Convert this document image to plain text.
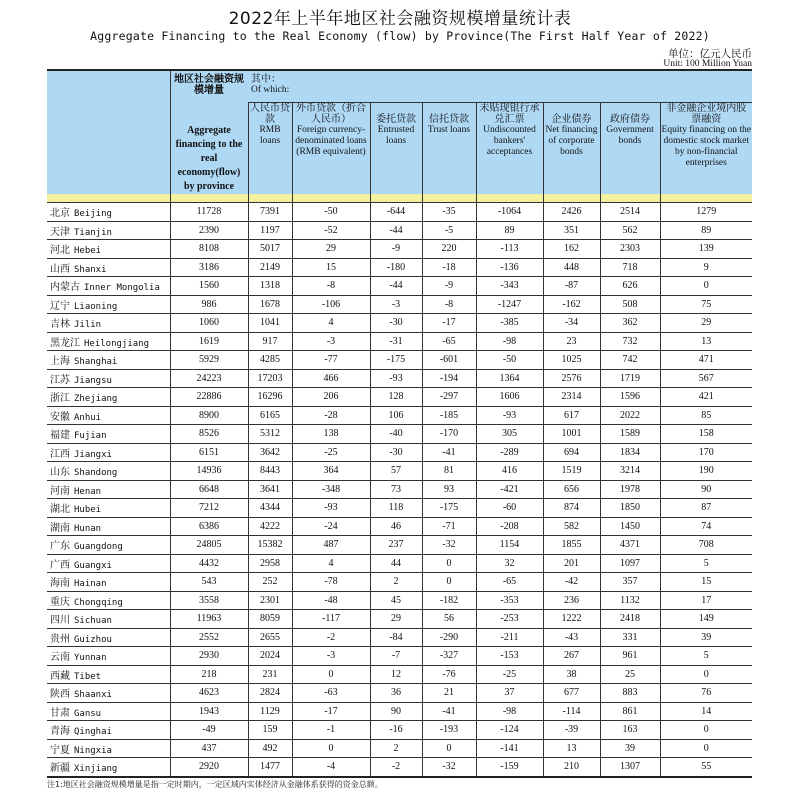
2022年上半年地区社会融资规模增量统计表
Aggregate Financing to the Real Economy (flow) by Province(The First Half Year of 2022)
单位：亿元人民币
Unit: 100 Million Yuan

	地区社会融资规模增量
Aggregate financing to the real economy(flow) by province	其中：
Of which:							

		人民币贷款
RMB loans	外币贷款（折合人民币）
Foreign currency-denominated loans (RMB equivalent)	委托贷款
Entrusted loans	信托贷款
Trust loans	未贴现银行承兑汇票
Undiscounted bankers' acceptances	企业债券
Net financing of corporate bonds	政府债券
Government bonds	非金融企业境内股票融资
Equity financing on the domestic stock market by non-financial enterprises

北京 Beijing	11728	7391	-50	-644	-35	-1064	2426	2514	1279
天津 Tianjin	2390	1197	-52	-44	-5	89	351	562	89
河北 Hebei	8108	5017	29	-9	220	-113	162	2303	139
山西 Shanxi	3186	2149	15	-180	-18	-136	448	718	9
内蒙古 Inner Mongolia	1560	1318	-8	-44	-9	-343	-87	626	0
辽宁 Liaoning	986	1678	-106	-3	-8	-1247	-162	508	75
吉林 Jilin	1060	1041	4	-30	-17	-385	-34	362	29
黑龙江 Heilongjiang	1619	917	-3	-31	-65	-98	23	732	13
上海 Shanghai	5929	4285	-77	-175	-601	-50	1025	742	471
江苏 Jiangsu	24223	17203	466	-93	-194	1364	2576	1719	567
浙江 Zhejiang	22886	16296	206	128	-297	1606	2314	1596	421
安徽 Anhui	8900	6165	-28	106	-185	-93	617	2022	85
福建 Fujian	8526	5312	138	-40	-170	305	1001	1589	158
江西 Jiangxi	6151	3642	-25	-30	-41	-289	694	1834	170
山东 Shandong	14936	8443	364	57	81	416	1519	3214	190
河南 Henan	6648	3641	-348	73	93	-421	656	1978	90
湖北 Hubei	7212	4344	-93	118	-175	-60	874	1850	87
湖南 Hunan	6386	4222	-24	46	-71	-208	582	1450	74
广东 Guangdong	24805	15382	487	237	-32	1154	1855	4371	708
广西 Guangxi	4432	2958	4	44	0	32	201	1097	5
海南 Hainan	543	252	-78	2	0	-65	-42	357	15
重庆 Chongqing	3558	2301	-48	45	-182	-353	236	1132	17
四川 Sichuan	11963	8059	-117	29	56	-253	1222	2418	149
贵州 Guizhou	2552	2655	-2	-84	-290	-211	-43	331	39
云南 Yunnan	2930	2024	-3	-7	-327	-153	267	961	5
西藏 Tibet	218	231	0	12	-76	-25	38	25	0
陕西 Shaanxi	4623	2824	-63	36	21	37	677	883	76
甘肃 Gansu	1943	1129	-17	90	-41	-98	-114	861	14
青海 Qinghai	-49	159	-1	-16	-193	-124	-39	163	0
宁夏 Ningxia	437	492	0	2	0	-141	13	39	0
新疆 Xinjiang	2920	1477	-4	-2	-32	-159	210	1307	55
注1:地区社会融资规模增量是指一定时期内，一定区域内实体经济从金融体系获得的资金总额。
